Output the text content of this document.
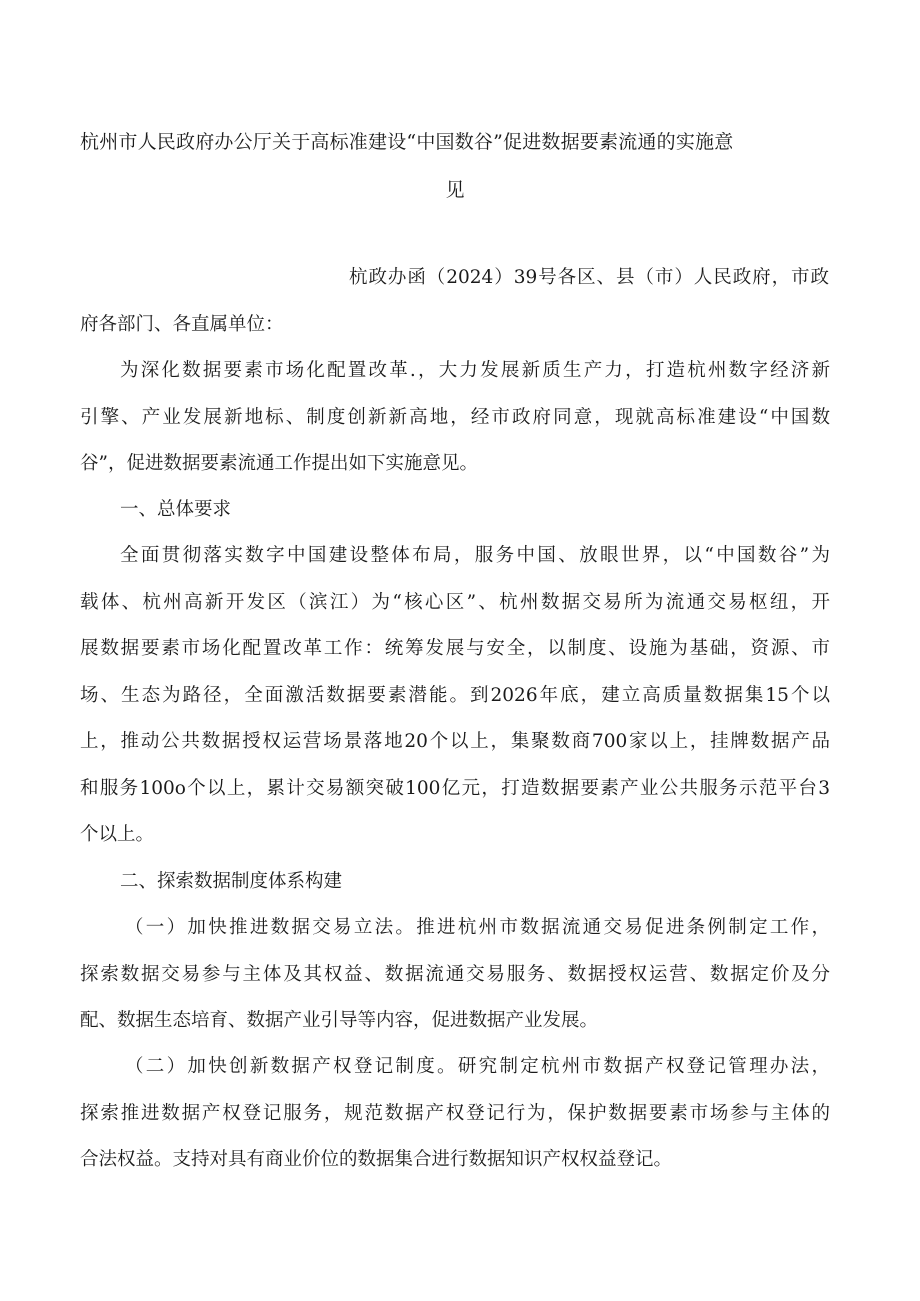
杭州市人民政府办公厅关于高标准建设“中国数谷”促进数据要素流通的实施意
见
杭政办函（2024）39号各区、县（市）人民政府，市政
府各部门、各直属单位：
为深化数据要素市场化配置改革.，大力发展新质生产力，打造杭州数字经济新
引擎、产业发展新地标、制度创新新高地，经市政府同意，现就高标准建设“中国数
谷”，促进数据要素流通工作提出如下实施意见。
一、总体要求
全面贯彻落实数字中国建设整体布局，服务中国、放眼世界，以“中国数谷”为
载体、杭州高新开发区（滨江）为“核心区”、杭州数据交易所为流通交易枢纽，开
展数据要素市场化配置改革工作：统筹发展与安全，以制度、设施为基础，资源、市
场、生态为路径，全面激活数据要素潜能。到2026年底，建立高质量数据集15个以
上，推动公共数据授权运营场景落地20个以上，集聚数商700家以上，挂牌数据产品
和服务100o个以上，累计交易额突破100亿元，打造数据要素产业公共服务示范平台3
个以上。
二、探索数据制度体系构建
（一）加快推进数据交易立法。推进杭州市数据流通交易促进条例制定工作，
探索数据交易参与主体及其权益、数据流通交易服务、数据授权运营、数据定价及分
配、数据生态培育、数据产业引导等内容，促进数据产业发展。
（二）加快创新数据产权登记制度。研究制定杭州市数据产权登记管理办法，
探索推进数据产权登记服务，规范数据产权登记行为，保护数据要素市场参与主体的
合法权益。支持对具有商业价位的数据集合进行数据知识产权权益登记。
